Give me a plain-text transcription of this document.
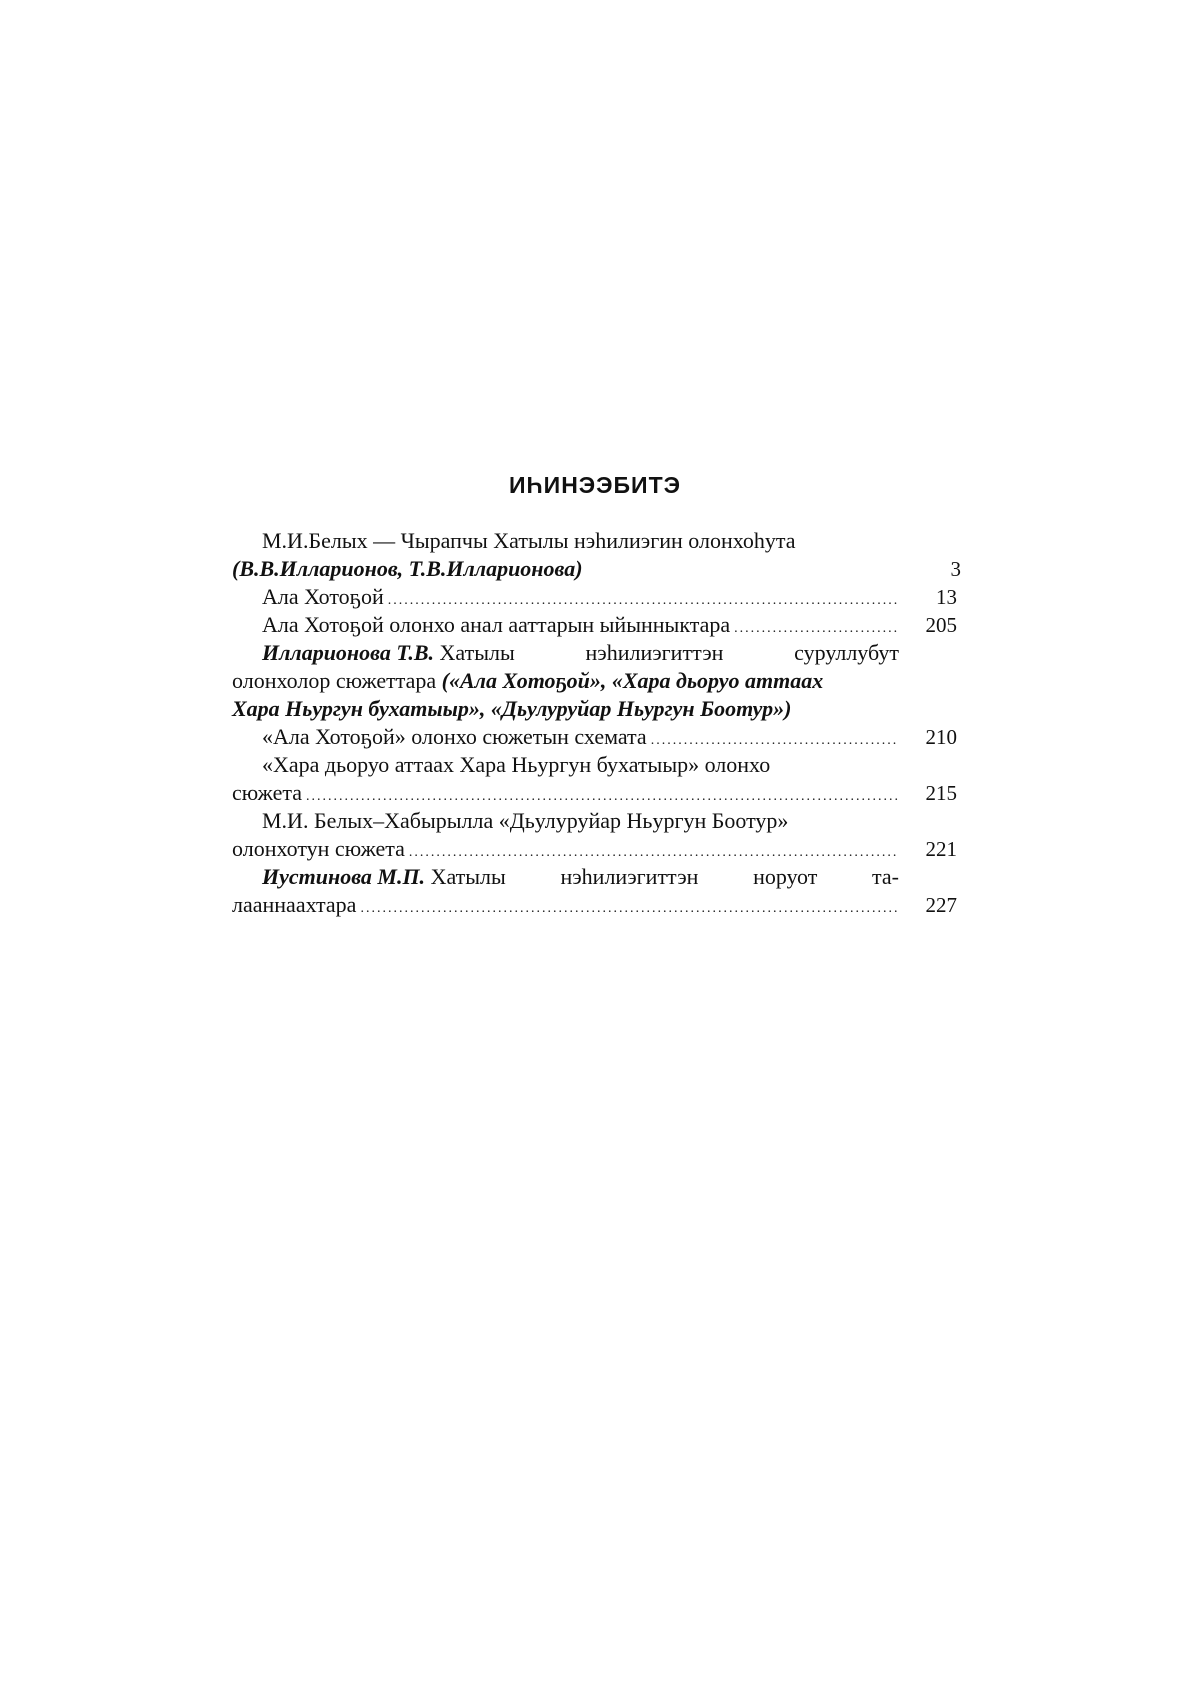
ИҺИНЭЭБИТЭ
М.И.Белых — Чырапчы Хатылы нэһилиэгин олонхоһута
(В.В.Илларионов, Т.В.Илларионова)	3
Ала Хотоҕой .....	13
Ала Хотоҕой олонхо анал ааттарын ыйынныктара .....	205
Илларионова Т.В.
Хатылы нэһилиэгиттэн суруллубут
олонхолор сюжеттара
(«Ала Хотоҕой», «Хара дьоруо аттаах
Хара Ньургун бухатыыр», «Дьулуруйар Ньургун Боотур»)
«Ала Хотоҕой» олонхо сюжетын схемата .....	210
«Хара дьоруо аттаах Хара Ньургун бухатыыр» олонхо
сюжета .....	215
М.И. Белых–Хабырылла «Дьулуруйар Ньургун Боотур»
олонхотун сюжета .....	221
Иустинова М.П.
Хатылы нэһилиэгиттэн норуот та-
лааннаахтара .....	227
